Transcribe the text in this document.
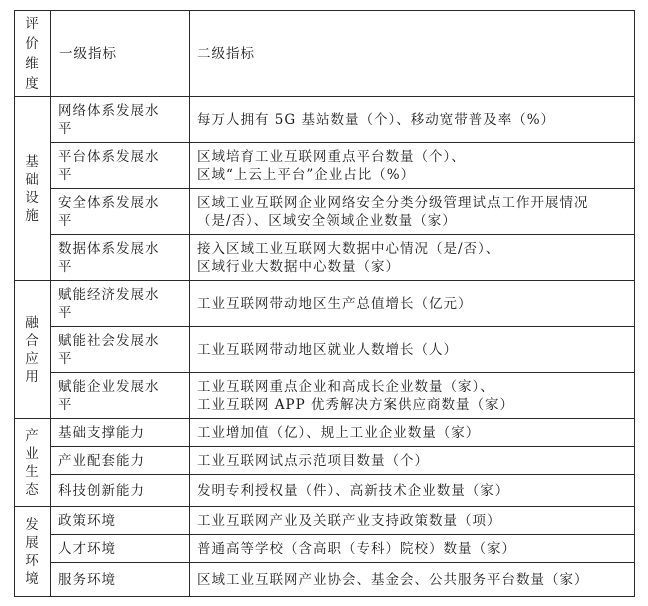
评
价
维
度	一级指标	二级指标

基
础
设
施	网络体系发展水
平	每万人拥有 5G 基站数量（个）、移动宽带普及率（%）

	平台体系发展水
平	区域培育工业互联网重点平台数量（个）、
区域“上云上平台”企业占比（%）

	安全体系发展水
平	区域工业互联网企业网络安全分类分级管理试点工作开展情况
（是/否）、区域安全领域企业数量（家）

	数据体系发展水
平	接入区域工业互联网大数据中心情况（是/否）、
区域行业大数据中心数量（家）

融
合
应
用	赋能经济发展水
平	工业互联网带动地区生产总值增长（亿元）

	赋能社会发展水
平	工业互联网带动地区就业人数增长（人）

	赋能企业发展水
平	工业互联网重点企业和高成长企业数量（家）、
工业互联网 APP 优秀解决方案供应商数量（家）

产
业
生
态	基础支撑能力	工业增加值（亿）、规上工业企业数量（家）

	产业配套能力	工业互联网试点示范项目数量（个）

	科技创新能力	发明专利授权量（件）、高新技术企业数量（家）

发
展
环
境	政策环境	工业互联网产业及关联产业支持政策数量（项）

	人才环境	普通高等学校（含高职（专科）院校）数量（家）

	服务环境	区域工业互联网产业协会、基金会、公共服务平台数量（家）
